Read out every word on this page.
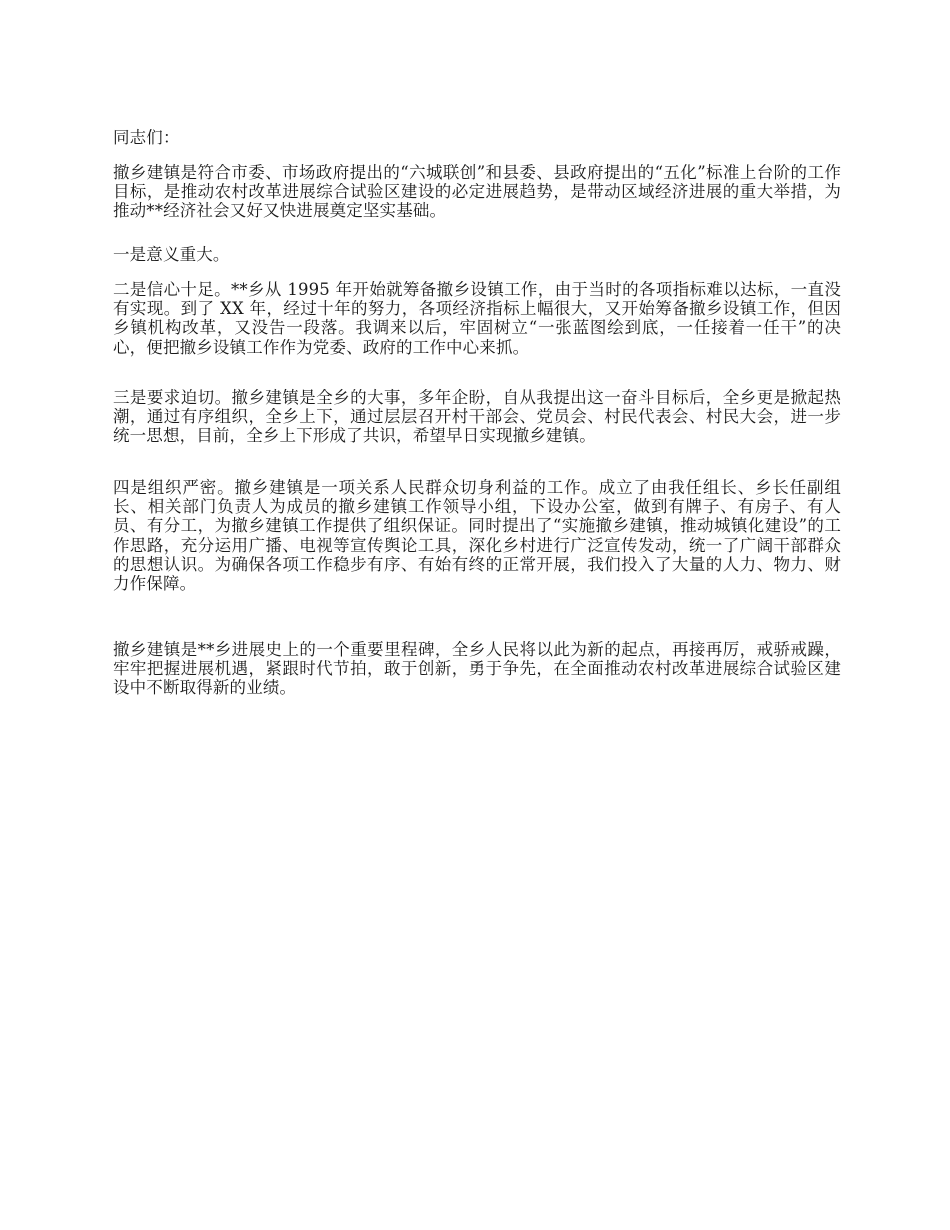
同志们：

撤乡建镇是符合市委、市场政府提出的“六城联创”和县委、县政府提出的“五化”标准上台阶的工作目标，是推动农村改革进展综合试验区建设的必定进展趋势，是带动区域经济进展的重大举措，为推动**经济社会又好又快进展奠定坚实基础。

一是意义重大。

二是信心十足。**乡从 1995 年开始就筹备撤乡设镇工作，由于当时的各项指标难以达标，一直没有实现。到了 XX 年，经过十年的努力，各项经济指标上幅很大，又开始筹备撤乡设镇工作，但因乡镇机构改革，又没告一段落。我调来以后，牢固树立“一张蓝图绘到底，一任接着一任干”的决心，便把撤乡设镇工作作为党委、政府的工作中心来抓。

三是要求迫切。撤乡建镇是全乡的大事，多年企盼，自从我提出这一奋斗目标后，全乡更是掀起热潮，通过有序组织，全乡上下，通过层层召开村干部会、党员会、村民代表会、村民大会，进一步统一思想，目前，全乡上下形成了共识，希望早日实现撤乡建镇。

四是组织严密。撤乡建镇是一项关系人民群众切身利益的工作。成立了由我任组长、乡长任副组长、相关部门负责人为成员的撤乡建镇工作领导小组，下设办公室，做到有牌子、有房子、有人员、有分工，为撤乡建镇工作提供了组织保证。同时提出了“实施撤乡建镇，推动城镇化建设”的工作思路，充分运用广播、电视等宣传舆论工具，深化乡村进行广泛宣传发动，统一了广阔干部群众的思想认识。为确保各项工作稳步有序、有始有终的正常开展，我们投入了大量的人力、物力、财力作保障。

撤乡建镇是**乡进展史上的一个重要里程碑，全乡人民将以此为新的起点，再接再厉，戒骄戒躁，牢牢把握进展机遇，紧跟时代节拍，敢于创新，勇于争先，在全面推动农村改革进展综合试验区建设中不断取得新的业绩。
